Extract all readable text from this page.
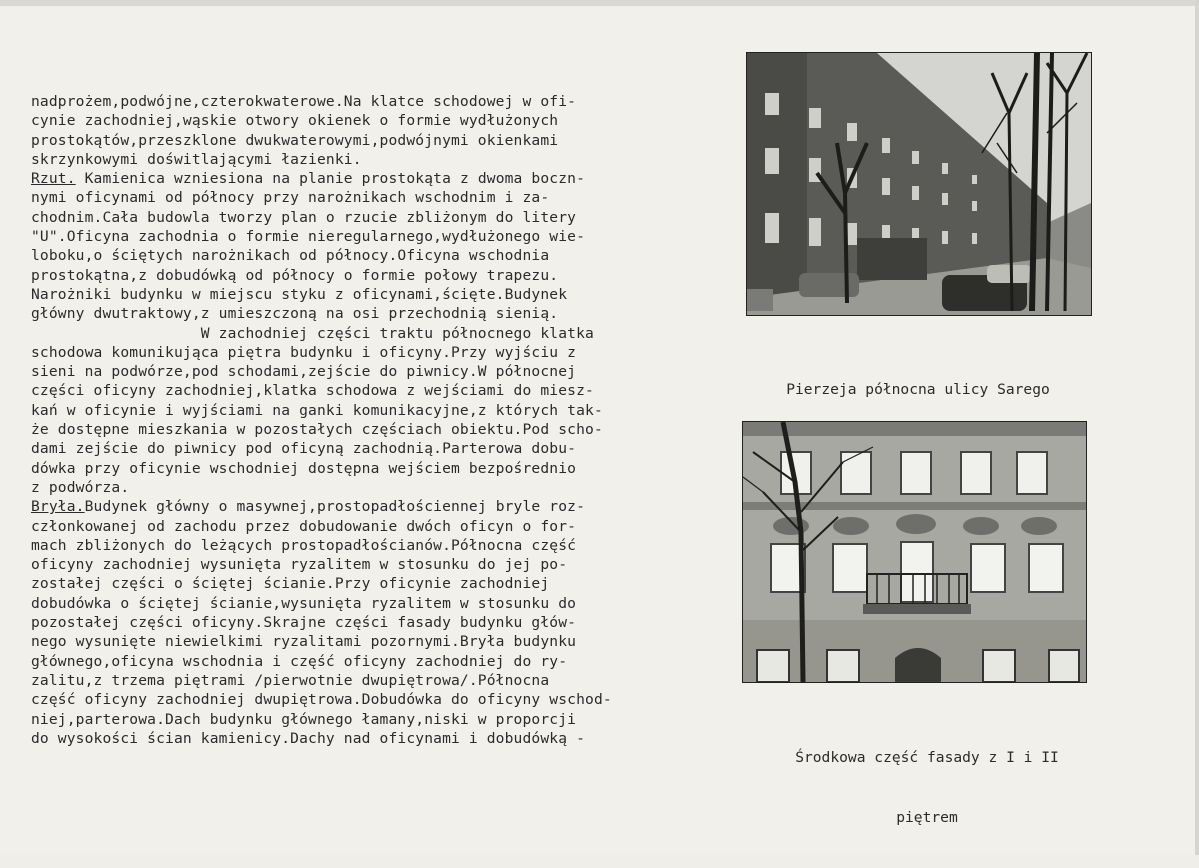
nadprożem,podwójne,czterokwaterowe.Na klatce schodowej w ofi-
cynie zachodniej,wąskie otwory okienek o formie wydłużonych
prostokątów,przeszklone dwukwaterowymi,podwójnymi okienkami
skrzynkowymi doświtlającymi łazienki.
Rzut. Kamienica wzniesiona na planie prostokąta z dwoma boczn-
nymi oficynami od północy przy narożnikach wschodnim i za-
chodnim.Cała budowla tworzy plan o rzucie zbliżonym do litery
"U".Oficyna zachodnia o formie nieregularnego,wydłużonego wie-
loboku,o ściętych narożnikach od północy.Oficyna wschodnia
prostokątna,z dobudówką od północy o formie połowy trapezu.
Narożniki budynku w miejscu styku z oficynami,ścięte.Budynek
główny dwutraktowy,z umieszczoną na osi przechodnią sienią.
W zachodniej części traktu północnego klatka
schodowa komunikująca piętra budynku i oficyny.Przy wyjściu z
sieni na podwórze,pod schodami,zejście do piwnicy.W północnej
części oficyny zachodniej,klatka schodowa z wejściami do miesz-
kań w oficynie i wyjściami na ganki komunikacyjne,z których tak-
że dostępne mieszkania w pozostałych częściach obiektu.Pod scho-
dami zejście do piwnicy pod oficyną zachodnią.Parterowa dobu-
dówka przy oficynie wschodniej dostępna wejściem bezpośrednio
z podwórza.
Bryła.Budynek główny o masywnej,prostopadłościennej bryle roz-
członkowanej od zachodu przez dobudowanie dwóch oficyn o for-
mach zbliżonych do leżących prostopadłościanów.Północna część
oficyny zachodniej wysunięta ryzalitem w stosunku do jej po-
zostałej części o ściętej ścianie.Przy oficynie zachodniej
dobudówka o ściętej ścianie,wysunięta ryzalitem w stosunku do
pozostałej części oficyny.Skrajne części fasady budynku głów-
nego wysunięte niewielkimi ryzalitami pozornymi.Bryła budynku
głównego,oficyna wschodnia i część oficyny zachodniej do ry-
zalitu,z trzema piętrami /pierwotnie dwupiętrowa/.Północna
część oficyny zachodniej dwupiętrowa.Dobudówka do oficyny wschod-
niej,parterowa.Dach budynku głównego łamany,niski w proporcji
do wysokości ścian kamienicy.Dachy nad oficynami i dobudówką -

Pierzeja północna ulicy Sarego

Środkowa część fasady z I i II

piętrem
